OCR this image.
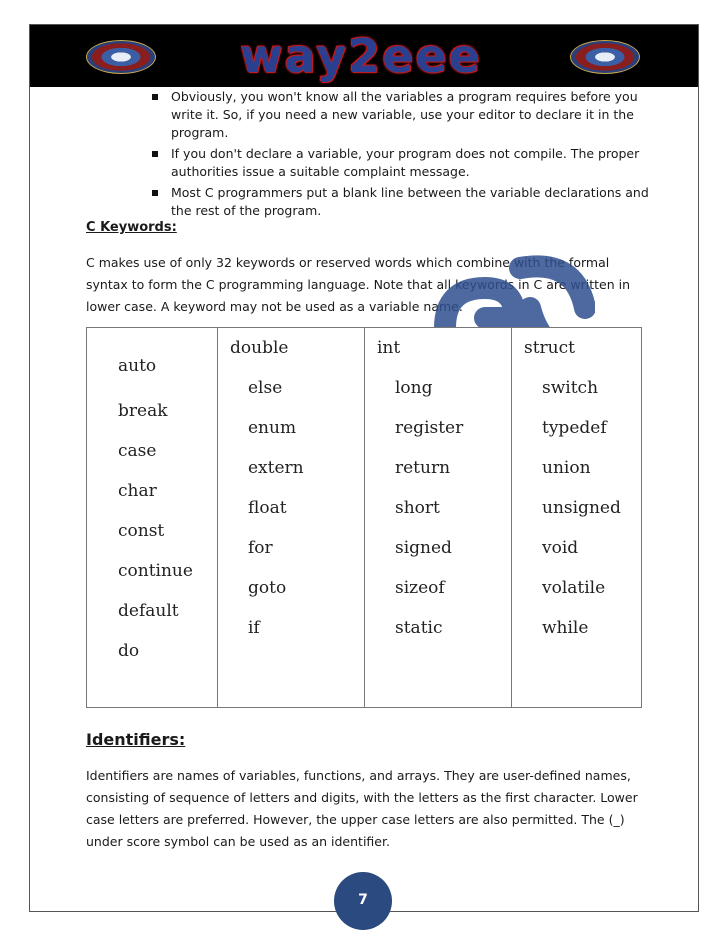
way2eee
Obviously, you won't know all the variables a program requires before you write it. So, if you need a new variable, use your editor to declare it in the program.
If you don't declare a variable, your program does not compile. The proper authorities issue a suitable complaint message.
Most C programmers put a blank line between the variable declarations and the rest of the program.
C Keywords:
C makes use of only 32 keywords or reserved words which combine with the formal syntax to form the C programming language. Note that all keywords in C are written in lower case. A keyword may not be used as a variable name.
auto
break
case
char
const
continue
default
do
double
else
enum
extern
float
for
goto
if
int
long
register
return
short
signed
sizeof
static
struct
switch
typedef
union
unsigned
void
volatile
while
Identifiers:
Identifiers are names of variables, functions, and arrays. They are user-defined names, consisting of sequence of letters and digits, with the letters as the first character. Lower case letters are preferred. However, the upper case letters are also permitted. The (_) under score symbol can be used as an identifier.
7
